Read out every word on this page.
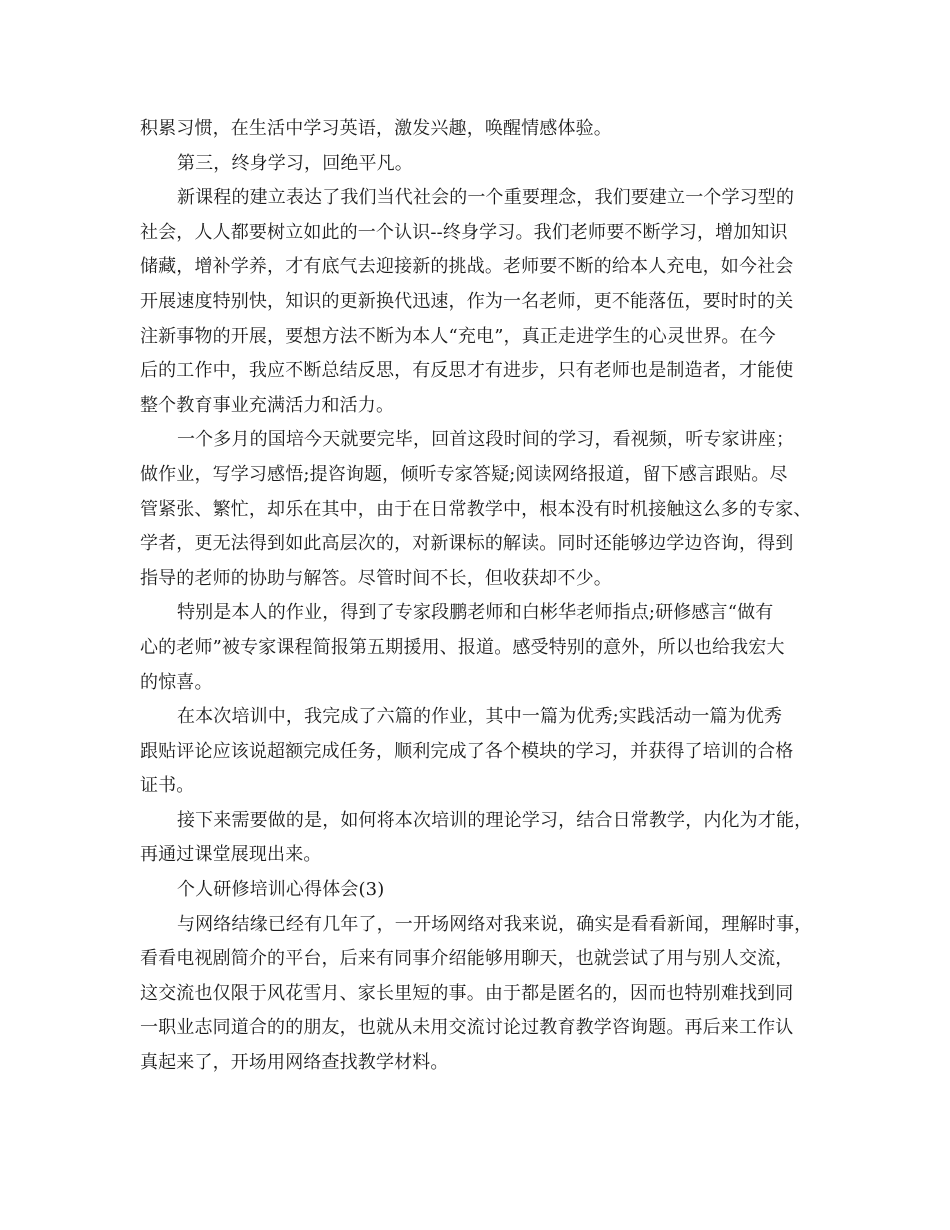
积累习惯，在生活中学习英语，激发兴趣，唤醒情感体验。
第三，终身学习，回绝平凡。
新课程的建立表达了我们当代社会的一个重要理念，我们要建立一个学习型的
社会，人人都要树立如此的一个认识--终身学习。我们老师要不断学习，增加知识
储藏，增补学养，才有底气去迎接新的挑战。老师要不断的给本人充电，如今社会
开展速度特别快，知识的更新换代迅速，作为一名老师，更不能落伍，要时时的关
注新事物的开展，要想方法不断为本人“充电”，真正走进学生的心灵世界。在今
后的工作中，我应不断总结反思，有反思才有进步，只有老师也是制造者，才能使
整个教育事业充满活力和活力。
一个多月的国培今天就要完毕，回首这段时间的学习，看视频，听专家讲座；
做作业，写学习感悟;提咨询题，倾听专家答疑;阅读网络报道，留下感言跟贴。尽
管紧张、繁忙，却乐在其中，由于在日常教学中，根本没有时机接触这么多的专家、
学者，更无法得到如此高层次的，对新课标的解读。同时还能够边学边咨询，得到
指导的老师的协助与解答。尽管时间不长，但收获却不少。
特别是本人的作业，得到了专家段鹏老师和白彬华老师指点;研修感言“做有
心的老师”被专家课程简报第五期援用、报道。感受特别的意外，所以也给我宏大
的惊喜。
在本次培训中，我完成了六篇的作业，其中一篇为优秀;实践活动一篇为优秀
跟贴评论应该说超额完成任务，顺利完成了各个模块的学习，并获得了培训的合格
证书。
接下来需要做的是，如何将本次培训的理论学习，结合日常教学，内化为才能，
再通过课堂展现出来。
个人研修培训心得体会(3)
与网络结缘已经有几年了，一开场网络对我来说，确实是看看新闻，理解时事，
看看电视剧简介的平台，后来有同事介绍能够用聊天，也就尝试了用与别人交流，
这交流也仅限于风花雪月、家长里短的事。由于都是匿名的，因而也特别难找到同
一职业志同道合的的朋友，也就从未用交流讨论过教育教学咨询题。再后来工作认
真起来了，开场用网络查找教学材料。
